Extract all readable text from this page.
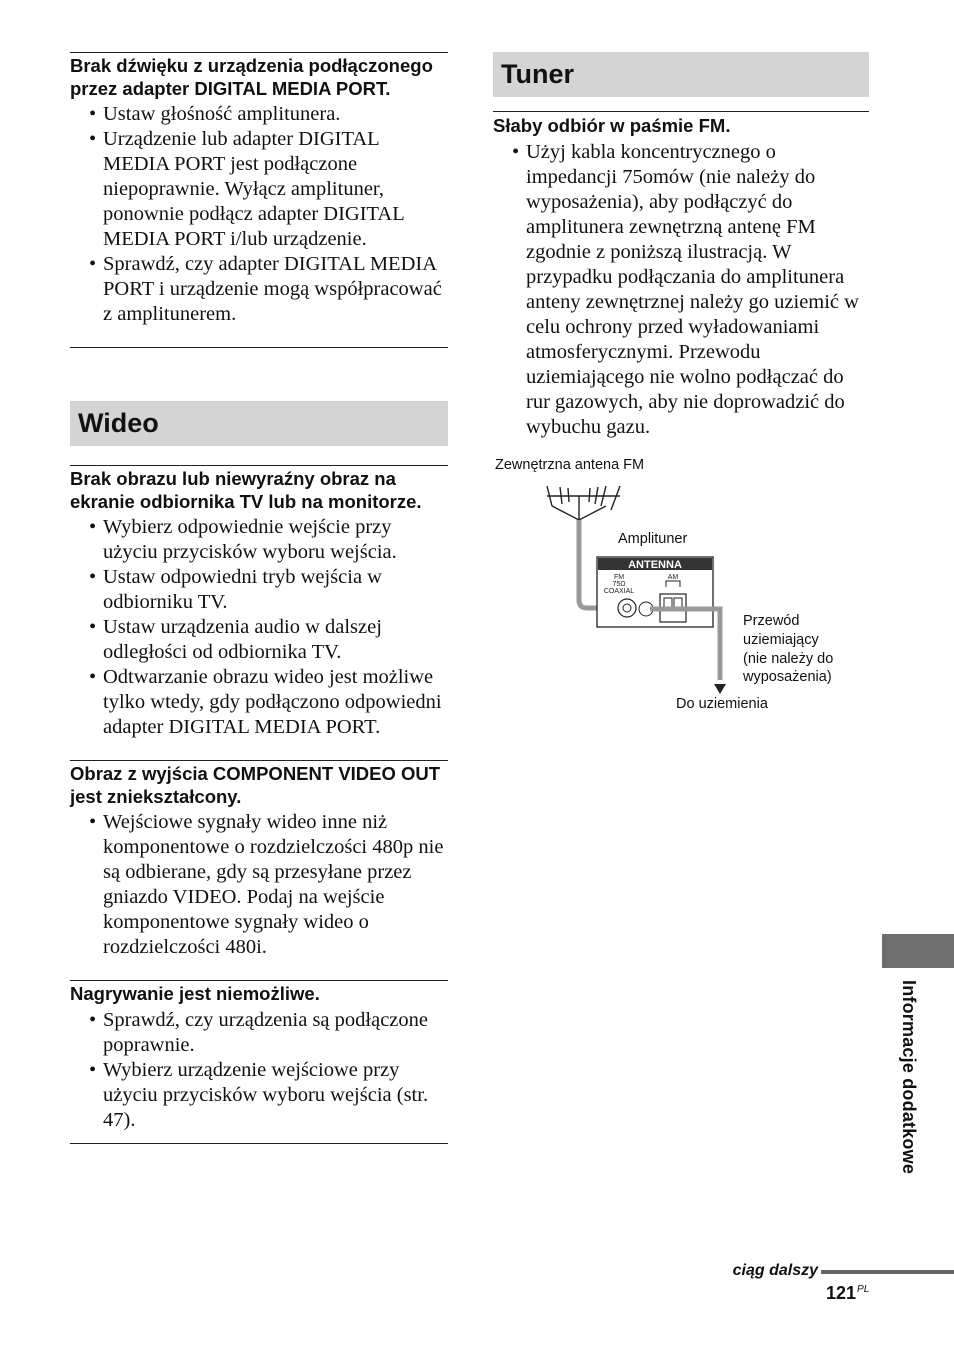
Brak dźwięku z urządzenia podłączonego przez adapter DIGITAL MEDIA PORT.
• Ustaw głośność amplitunera.
• Urządzenie lub adapter DIGITAL MEDIA PORT jest podłączone niepoprawnie. Wyłącz amplituner, ponownie podłącz adapter DIGITAL MEDIA PORT i/lub urządzenie.
• Sprawdź, czy adapter DIGITAL MEDIA PORT i urządzenie mogą współpracować z amplitunerem.
Wideo
Brak obrazu lub niewyraźny obraz na ekranie odbiornika TV lub na monitorze.
• Wybierz odpowiednie wejście przy użyciu przycisków wyboru wejścia.
• Ustaw odpowiedni tryb wejścia w odbiorniku TV.
• Ustaw urządzenia audio w dalszej odległości od odbiornika TV.
• Odtwarzanie obrazu wideo jest możliwe tylko wtedy, gdy podłączono odpowiedni adapter DIGITAL MEDIA PORT.
Obraz z wyjścia COMPONENT VIDEO OUT jest zniekształcony.
• Wejściowe sygnały wideo inne niż komponentowe o rozdzielczości 480p nie są odbierane, gdy są przesyłane przez gniazdo VIDEO. Podaj na wejście komponentowe sygnały wideo o rozdzielczości 480i.
Nagrywanie jest niemożliwe.
• Sprawdź, czy urządzenia są podłączone poprawnie.
• Wybierz urządzenie wejściowe przy użyciu przycisków wyboru wejścia (str. 47).
Tuner
Słaby odbiór w paśmie FM.
• Użyj kabla koncentrycznego o impedancji 75omów (nie należy do wyposażenia), aby podłączyć do amplitunera zewnętrzną antenę FM zgodnie z poniższą ilustracją. W przypadku podłączania do amplitunera anteny zewnętrznej należy go uziemić w celu ochrony przed wyładowaniami atmosferycznymi. Przewodu uziemiającego nie wolno podłączać do rur gazowych, aby nie doprowadzić do wybuchu gazu.
Zewnętrzna antena FM
ANTENNA
FM
75Ω
COAXIAL
AM
Amplituner
Przewód
uziemiający
(nie należy do
wyposażenia)
Do uziemienia
Informacje dodatkowe
ciąg dalszy
$121^{PL}$
